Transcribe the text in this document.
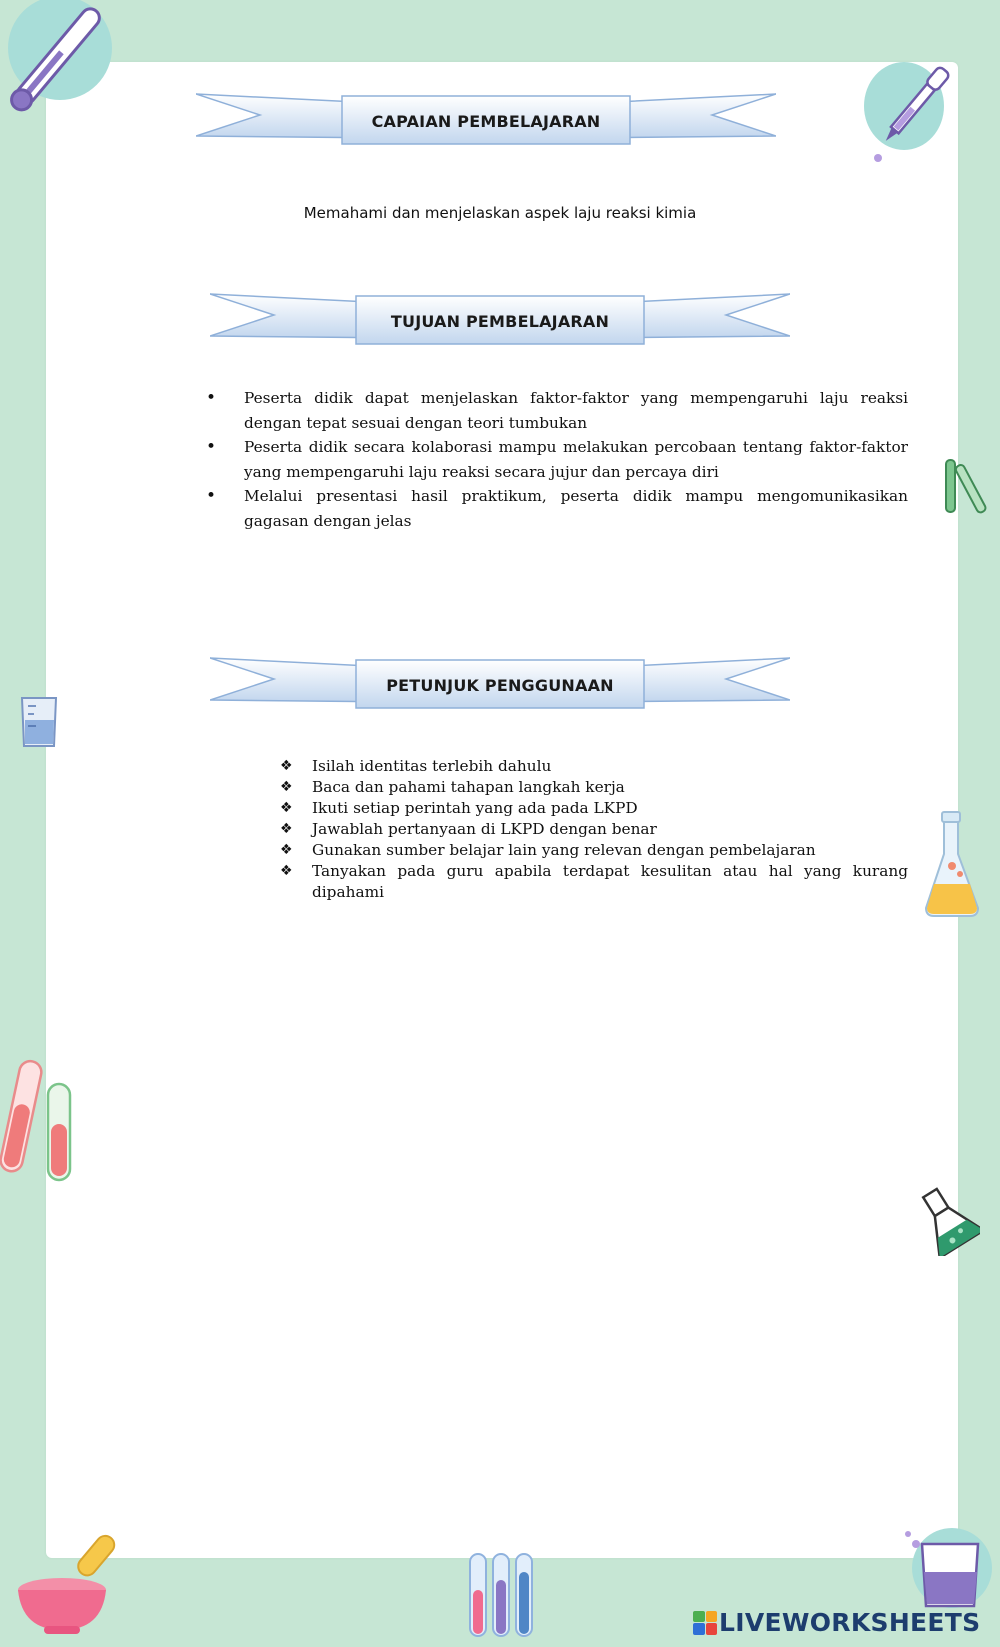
CAPAIAN PEMBELAJARAN
Memahami dan menjelaskan aspek laju reaksi kimia
TUJUAN PEMBELAJARAN
• Peserta didik dapat menjelaskan faktor-faktor yang mempengaruhi laju reaksi dengan tepat sesuai dengan teori tumbukan
• Peserta didik secara kolaborasi mampu melakukan percobaan tentang faktor-faktor yang mempengaruhi laju reaksi secara jujur dan percaya diri
• Melalui presentasi hasil praktikum, peserta didik mampu mengomunikasikan gagasan dengan jelas
PETUNJUK PENGGUNAAN
❖ Isilah identitas terlebih dahulu
❖ Baca dan pahami tahapan langkah kerja
❖ Ikuti setiap perintah yang ada pada LKPD
❖ Jawablah pertanyaan di LKPD dengan benar
❖ Gunakan sumber belajar lain yang relevan dengan pembelajaran
❖ Tanyakan pada guru apabila terdapat kesulitan atau hal yang kurang dipahami
LIVEWORKSHEETS
